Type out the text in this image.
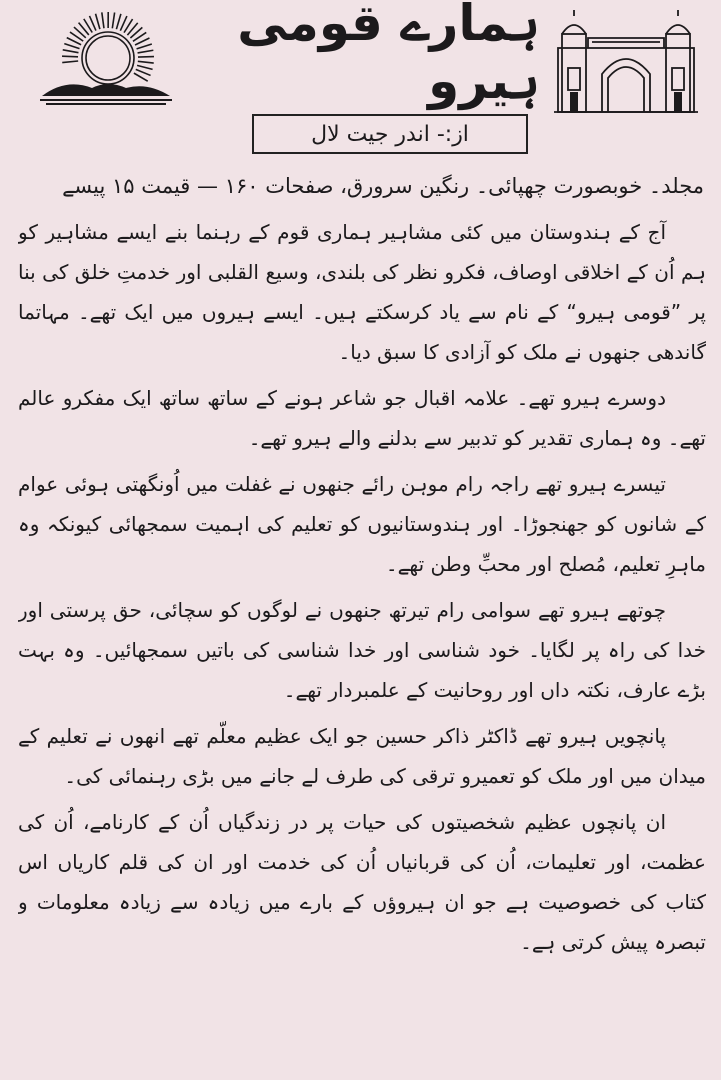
ہمارے قومی ہیرو
از:- اندر جیت لال
مجلد۔ خوبصورت چھپائی۔ رنگین سرورق، صفحات ۱۶۰ — قیمت ۱۵ پیسے

آج کے ہندوستان میں کئی مشاہیر ہماری قوم کے رہنما بنے ایسے مشاہیر کو ہم اُن کے اخلاقی اوصاف، فکرو نظر کی بلندی، وسیع القلبی اور خدمتِ خلق کی بنا پر ”قومی ہیرو“ کے نام سے یاد کرسکتے ہیں۔ ایسے ہیروں میں ایک تھے۔ مہاتما گاندھی جنھوں نے ملک کو آزادی کا سبق دیا۔

دوسرے ہیرو تھے۔ علامہ اقبال جو شاعر ہونے کے ساتھ ساتھ ایک مفکرو عالم تھے۔ وہ ہماری تقدیر کو تدبیر سے بدلنے والے ہیرو تھے۔

تیسرے ہیرو تھے راجہ رام موہن رائے جنھوں نے غفلت میں اُونگھتی ہوئی عوام کے شانوں کو جھنجوڑا۔ اور ہندوستانیوں کو تعلیم کی اہمیت سمجھائی کیونکہ وہ ماہرِ تعلیم، مُصلح اور محبِّ وطن تھے۔

چوتھے ہیرو تھے سوامی رام تیرتھ جنھوں نے لوگوں کو سچائی، حق پرستی اور خدا کی راہ پر لگایا۔ خود شناسی اور خدا شناسی کی باتیں سمجھائیں۔ وہ بہت بڑے عارف، نکتہ داں اور روحانیت کے علمبردار تھے۔

پانچویں ہیرو تھے ڈاکٹر ذاکر حسین جو ایک عظیم معلّم تھے انھوں نے تعلیم کے میدان میں اور ملک کو تعمیرو ترقی کی طرف لے جانے میں بڑی رہنمائی کی۔

ان پانچوں عظیم شخصیتوں کی حیات پر در زندگیاں اُن کے کارنامے، اُن کی عظمت، اور تعلیمات، اُن کی قربانیاں اُن کی خدمت اور ان کی قلم کاریاں اس کتاب کی خصوصیت ہے جو ان ہیروؤں کے بارے میں زیادہ سے زیادہ معلومات و تبصرہ پیش کرتی ہے۔
